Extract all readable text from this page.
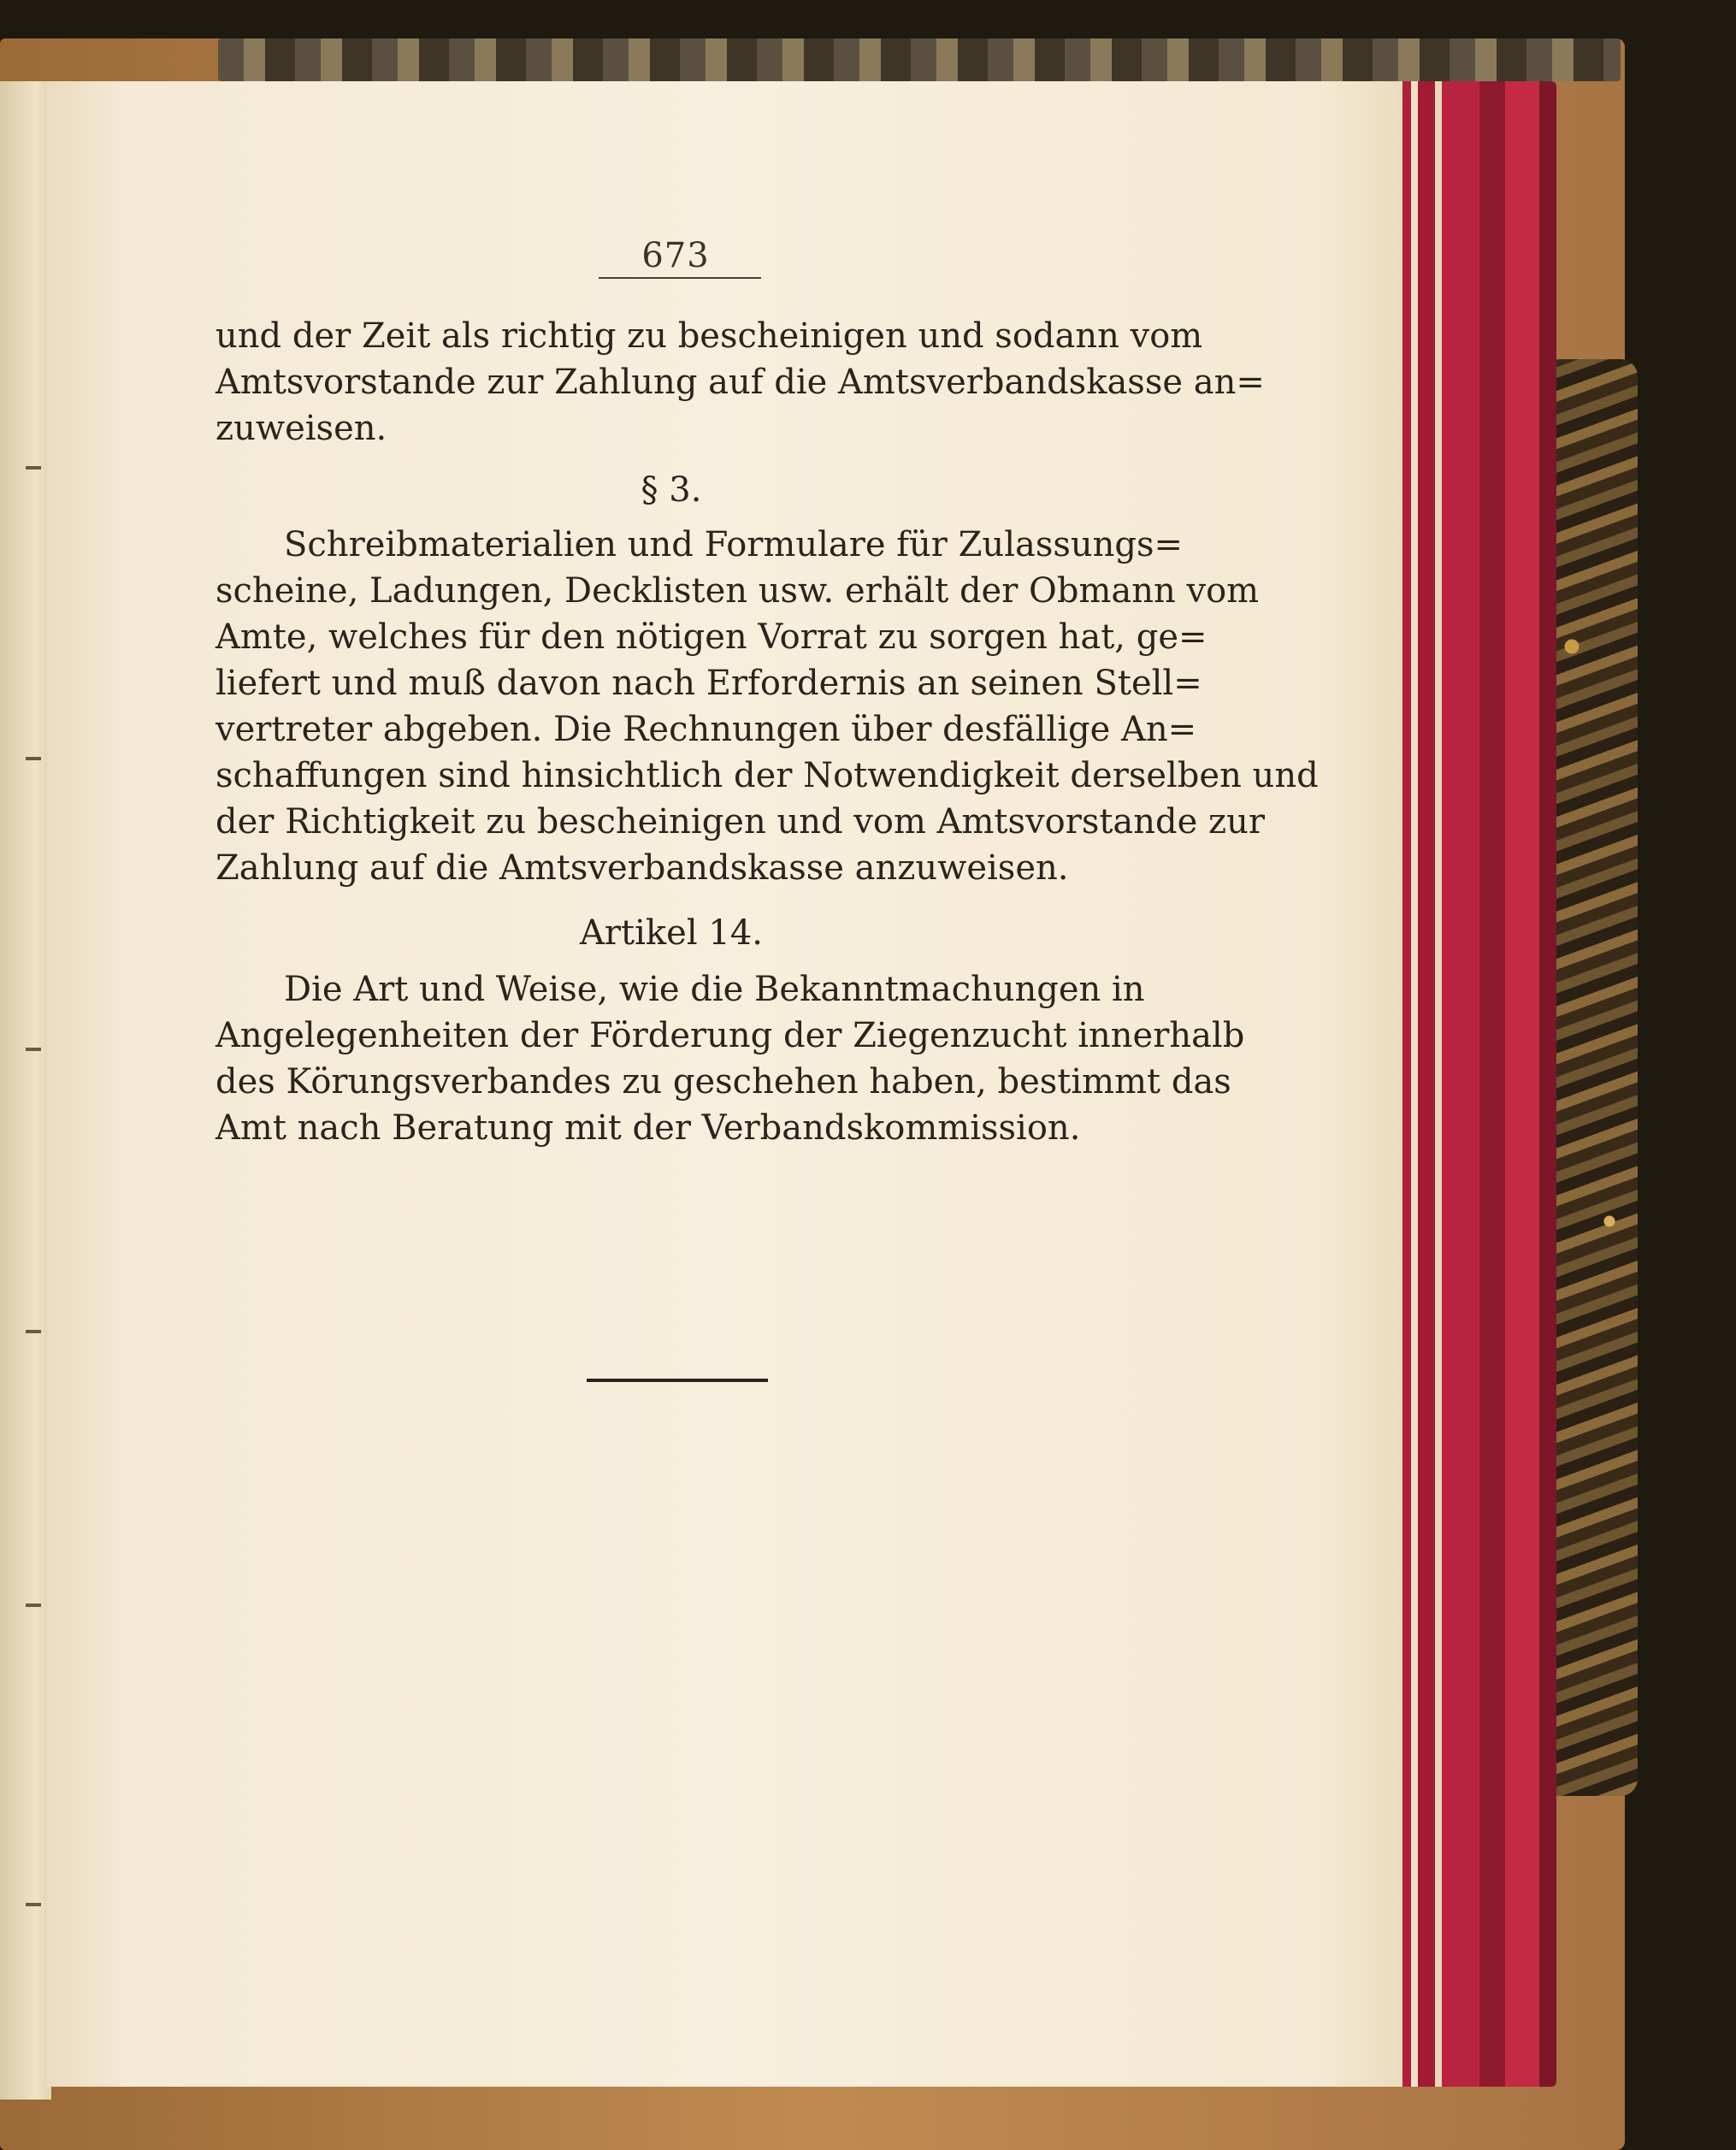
673
und der Zeit als richtig zu bescheinigen und sodann vom
Amtsvorstande zur Zahlung auf die Amtsverbandskasse an=
zuweisen.
§ 3.
Schreibmaterialien und Formulare für Zulassungs=
scheine, Ladungen, Decklisten usw. erhält der Obmann vom
Amte, welches für den nötigen Vorrat zu sorgen hat, ge=
liefert und muß davon nach Erfordernis an seinen Stell=
vertreter abgeben. Die Rechnungen über desfällige An=
schaffungen sind hinsichtlich der Notwendigkeit derselben und
der Richtigkeit zu bescheinigen und vom Amtsvorstande zur
Zahlung auf die Amtsverbandskasse anzuweisen.
Artikel 14.
Die Art und Weise, wie die Bekanntmachungen in
Angelegenheiten der Förderung der Ziegenzucht innerhalb
des Körungsverbandes zu geschehen haben, bestimmt das
Amt nach Beratung mit der Verbandskommission.
